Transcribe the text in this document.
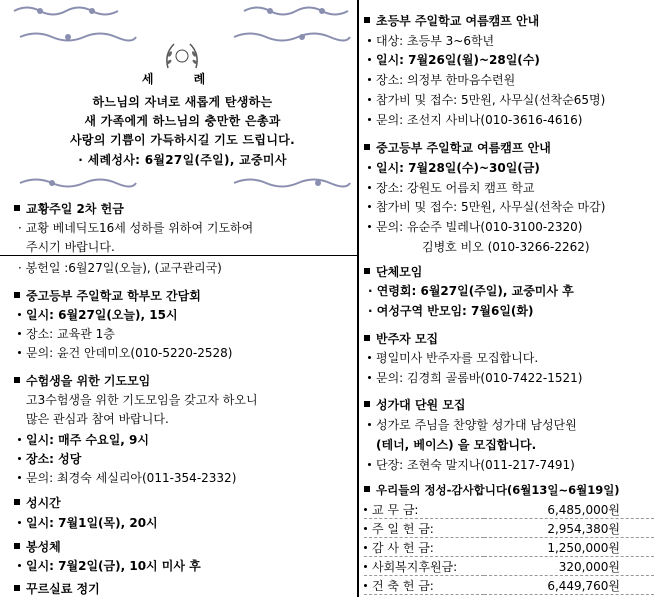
세 례
하느님의 자녀로 새롭게 탄생하는
새 가족에게 하느님의 충만한 은총과
사랑의 기쁨이 가득하시길 기도 드립니다.
· 세례성사: 6월27일(주일), 교중미사
교황주일 2차 헌금
· 교황 베네딕도16세 성하를 위하여 기도하여
주시기 바랍니다.
· 봉헌일 :6월27일(오늘), (교구관리국)
중고등부 주일학교 학부모 간담회
일시: 6월27일(오늘), 15시
장소: 교육관 1층
문의: 윤건 안데미오(010-5220-2528)
수험생을 위한 기도모임
고3수험생을 위한 기도모임을 갖고자 하오니
많은 관심과 참여 바랍니다.
일시: 매주 수요일, 9시
장소: 성당
문의: 최경숙 세실리아(011-354-2332)
성시간
일시: 7월1일(목), 20시
봉성체
일시: 7월2일(금), 10시 미사 후
꾸르실료 정기
초등부 주일학교 여름캠프 안내
대상: 초등부 3~6학년
일시: 7월26일(월)~28일(수)
장소: 의정부 한마음수련원
참가비 및 접수: 5만원, 사무실(선착순65명)
문의: 조선지 사비나(010-3616-4616)
중고등부 주일학교 여름캠프 안내
일시: 7월28일(수)~30일(금)
장소: 강원도 어름치 캠프 학교
참가비 및 접수: 5만원, 사무실(선착순 마감)
문의: 유순주 빌레나(010-3100-2320)
김병호 비오 (010-3266-2262)
단체모임
· 연령회: 6월27일(주일), 교중미사 후
· 여성구역 반모임: 7월6일(화)
반주자 모집
평일미사 반주자를 모집합니다.
문의: 김경희 골롬바(010-7422-1521)
성가대 단원 모집
성가로 주님을 찬양할 성가대 남성단원
(테너, 베이스) 을 모집합니다.
단장: 조현숙 말지나(011-217-7491)
우리들의 정성-감사합니다(6월13일~6월19일)
교 무 금:	6,485,000원
주 일 헌 금:	2,954,380원
감 사 헌 금:	1,250,000원
사회복지후원금:	320,000원
건 축 헌 금:	6,449,760원
